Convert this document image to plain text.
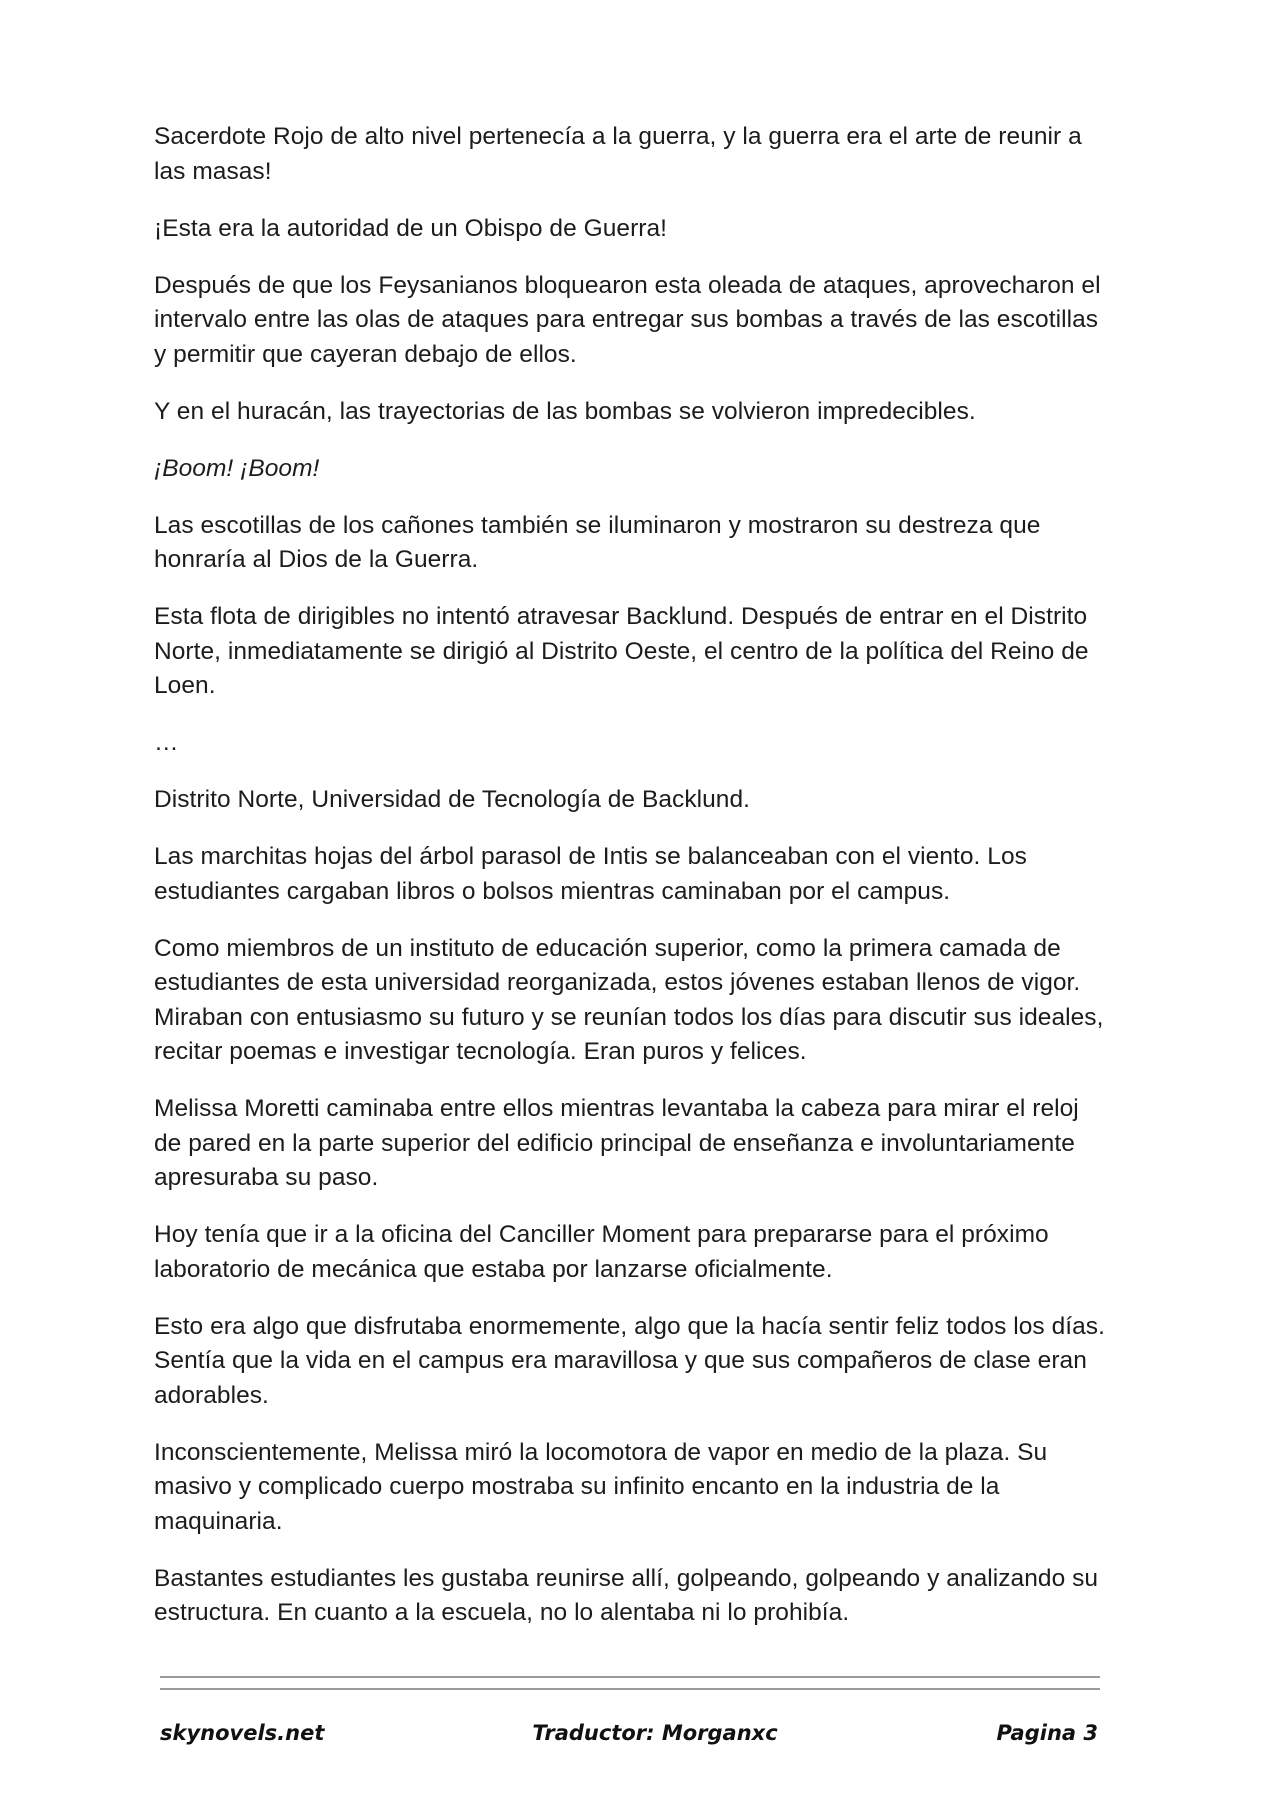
Sacerdote Rojo de alto nivel pertenecía a la guerra, y la guerra era el arte de reunir a las masas!

¡Esta era la autoridad de un Obispo de Guerra!

Después de que los Feysanianos bloquearon esta oleada de ataques, aprovecharon el intervalo entre las olas de ataques para entregar sus bombas a través de las escotillas y permitir que cayeran debajo de ellos.

Y en el huracán, las trayectorias de las bombas se volvieron impredecibles.

¡Boom! ¡Boom!

Las escotillas de los cañones también se iluminaron y mostraron su destreza que honraría al Dios de la Guerra.

Esta flota de dirigibles no intentó atravesar Backlund. Después de entrar en el Distrito Norte, inmediatamente se dirigió al Distrito Oeste, el centro de la política del Reino de Loen.

…

Distrito Norte, Universidad de Tecnología de Backlund.

Las marchitas hojas del árbol parasol de Intis se balanceaban con el viento. Los estudiantes cargaban libros o bolsos mientras caminaban por el campus.

Como miembros de un instituto de educación superior, como la primera camada de estudiantes de esta universidad reorganizada, estos jóvenes estaban llenos de vigor. Miraban con entusiasmo su futuro y se reunían todos los días para discutir sus ideales, recitar poemas e investigar tecnología. Eran puros y felices.

Melissa Moretti caminaba entre ellos mientras levantaba la cabeza para mirar el reloj de pared en la parte superior del edificio principal de enseñanza e involuntariamente apresuraba su paso.

Hoy tenía que ir a la oficina del Canciller Moment para prepararse para el próximo laboratorio de mecánica que estaba por lanzarse oficialmente.

Esto era algo que disfrutaba enormemente, algo que la hacía sentir feliz todos los días. Sentía que la vida en el campus era maravillosa y que sus compañeros de clase eran adorables.

Inconscientemente, Melissa miró la locomotora de vapor en medio de la plaza. Su masivo y complicado cuerpo mostraba su infinito encanto en la industria de la maquinaria.

Bastantes estudiantes les gustaba reunirse allí, golpeando, golpeando y analizando su estructura. En cuanto a la escuela, no lo alentaba ni lo prohibía.

skynovels.net	Traductor: Morganxc	Pagina 3
